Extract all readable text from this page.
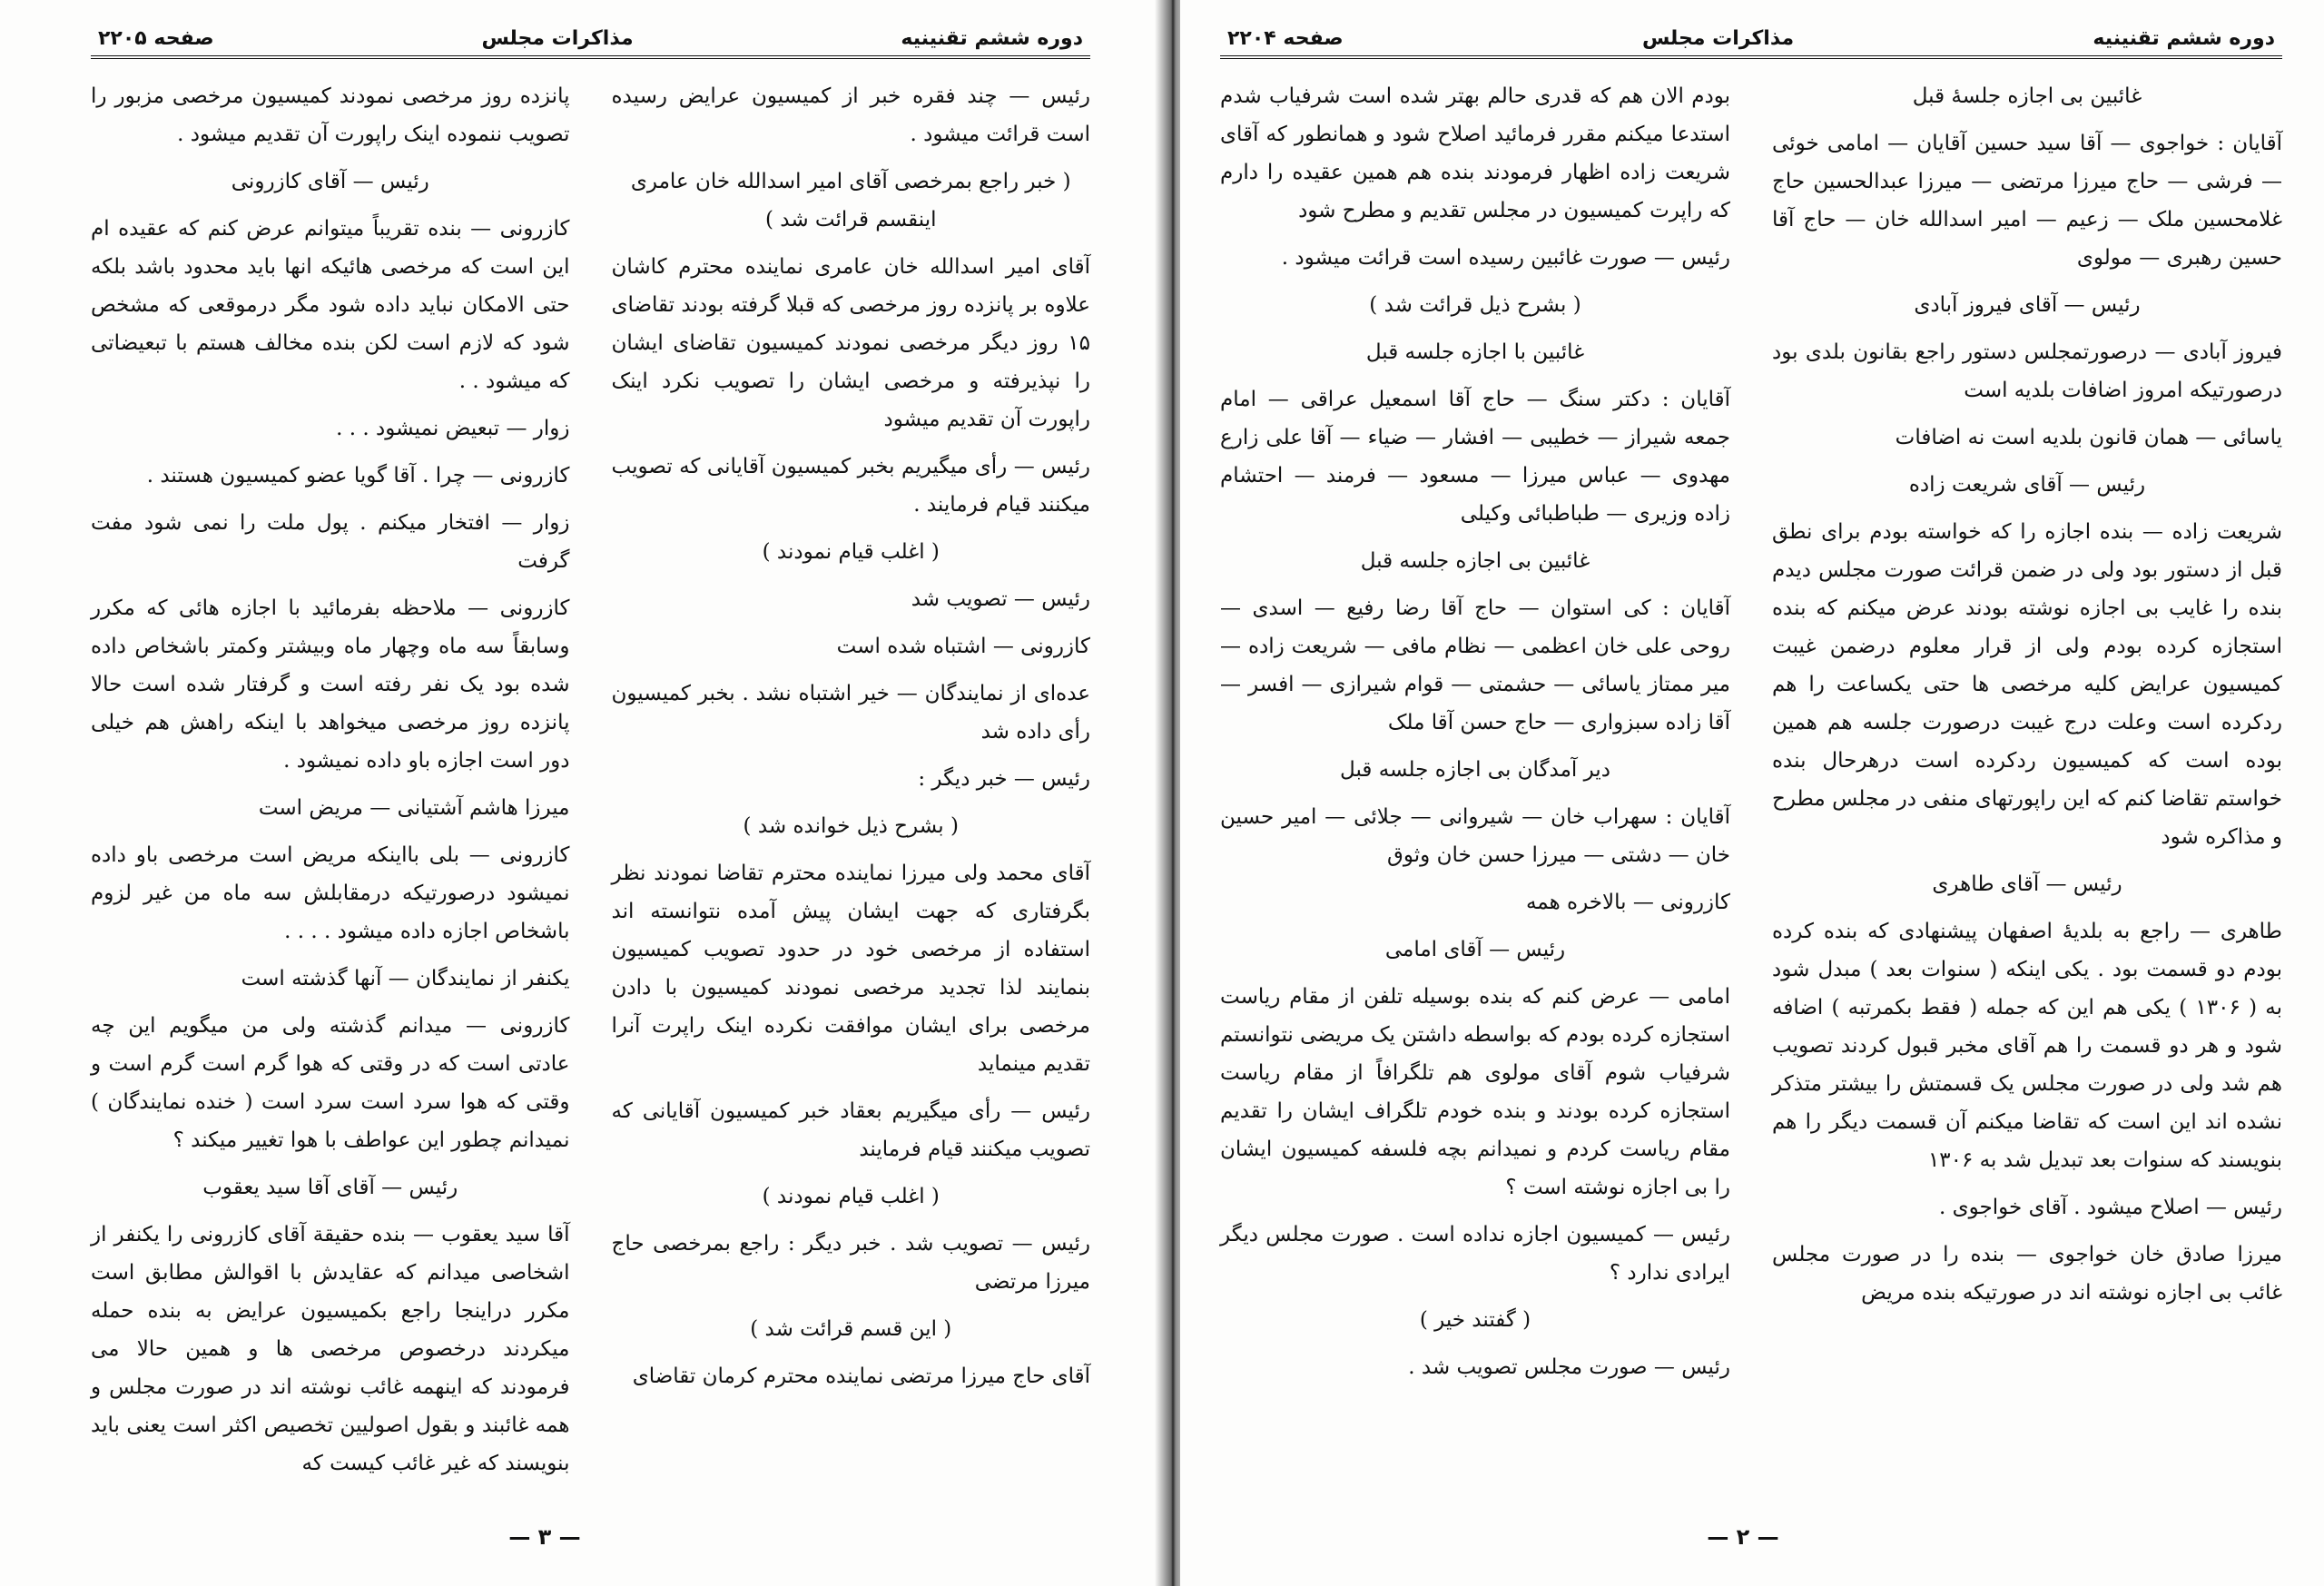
دوره ششم تقنینیه
مذاکرات مجلس
صفحه ۲۲۰۵

رئیس — چند فقره خبر از کمیسیون عرایض رسیده است قرائت میشود .

( خبر راجع بمرخصی آقای امیر اسدالله خان عامری اینقسم قرائت شد )

آقای امیر اسدالله خان عامری نماینده محترم کاشان علاوه بر پانزده روز مرخصی که قبلا گرفته بودند تقاضای ۱۵ روز دیگر مرخصی نمودند کمیسیون تقاضای ایشان را نپذیرفته و مرخصی ایشان را تصویب نکرد اینک راپورت آن تقدیم میشود

رئیس — رأی میگیریم بخبر کمیسیون آقایانی که تصویب میکنند قیام فرمایند .

( اغلب قیام نمودند )

رئیس — تصویب شد

کازرونی — اشتباه شده است

عده‌ای از نمایندگان — خیر اشتباه نشد . بخبر کمیسیون رأی داده شد

رئیس — خبر دیگر :

( بشرح ذیل خوانده شد )

آقای محمد ولی میرزا نماینده محترم تقاضا نمودند نظر بگرفتاری که جهت ایشان پیش آمده نتوانسته اند استفاده از مرخصی خود در حدود تصویب کمیسیون بنمایند لذا تجدید مرخصی نمودند کمیسیون با دادن مرخصی برای ایشان موافقت نکرده اینک راپرت آنرا تقدیم مینماید

رئیس — رأی میگیریم بعقاد خبر کمیسیون آقایانی که تصویب میکنند قیام فرمایند

( اغلب قیام نمودند )

رئیس — تصویب شد . خبر دیگر : راجع بمرخصی حاج میرزا مرتضی

( این قسم قرائت شد )

آقای حاج میرزا مرتضی نماینده محترم کرمان تقاضای

پانزده روز مرخصی نمودند کمیسیون مرخصی مزبور را تصویب ننموده اینک راپورت آن تقدیم میشود .

رئیس — آقای کازرونی

کازرونی — بنده تقریباً میتوانم عرض کنم که عقیده ام این است که مرخصی هائیکه انها باید محدود باشد بلکه حتی الامکان نباید داده شود مگر درموقعی که مشخص شود که لازم است لکن بنده مخالف هستم با تبعیضاتی که میشود . .

زوار — تبعیض نمیشود . . .

کازرونی — چرا . آقا گویا عضو کمیسیون هستند .

زوار — افتخار میکنم . پول ملت را نمی شود مفت گرفت

کازرونی — ملاحظه بفرمائید با اجازه هائی که مکرر وسابقاً سه ماه وچهار ماه وبیشتر وکمتر باشخاص داده شده بود یک نفر رفته است و گرفتار شده است حالا پانزده روز مرخصی میخواهد با اینکه راهش هم خیلی دور است اجازه باو داده نمیشود .

میرزا هاشم آشتیانی — مریض است

کازرونی — بلی بااینکه مریض است مرخصی باو داده نمیشود درصورتیکه درمقابلش سه ماه من غیر لزوم باشخاص اجازه داده میشود . . . .

یکنفر از نمایندگان — آنها گذشته است

کازرونی — میدانم گذشته ولی من میگویم این چه عادتی است که در وقتی که هوا گرم است گرم است و وقتی که هوا سرد است سرد است ( خنده نمایندگان ) نمیدانم چطور این عواطف با هوا تغییر میکند ؟

رئیس — آقای آقا سید یعقوب

آقا سید یعقوب — بنده حقیقة آقای کازرونی را یکنفر از اشخاصی میدانم که عقایدش با اقوالش مطابق است مکرر دراینجا راجع بکمیسیون عرایض به بنده حمله میکردند درخصوص مرخصی ها و همین حالا می فرمودند که اینهمه غائب نوشته اند در صورت مجلس و همه غائبند و بقول اصولیین تخصیص اکثر است یعنی باید بنویسند که غیر غائب کیست که

— ۳ —
دوره ششم تقنینیه
مذاکرات مجلس
صفحه ۲۲۰۴

غائبین بی اجازه جلسهٔ قبل

آقایان : خواجوی — آقا سید حسین آقایان — امامی خوئی — فرشی — حاج میرزا مرتضی — میرزا عبدالحسین حاج غلامحسین ملک — زعیم — امیر اسدالله خان — حاج آقا حسین رهبری — مولوی

رئیس — آقای فیروز آبادی

فیروز آبادی — درصورتمجلس دستور راجع بقانون بلدی بود درصورتیکه امروز اضافات بلدیه است

یاسائی — همان قانون بلدیه است نه اضافات

رئیس — آقای شریعت زاده

شریعت زاده — بنده اجازه را که خواسته بودم برای نطق قبل از دستور بود ولی در ضمن قرائت صورت مجلس دیدم بنده را غایب بی اجازه نوشته بودند عرض میکنم که بنده استجازه کرده بودم ولی از قرار معلوم درضمن غیبت کمیسیون عرایض کلیه مرخصی ها حتی یکساعت را هم ردکرده است وعلت درج غیبت درصورت جلسه هم همین بوده است که کمیسیون ردکرده است درهرحال بنده خواستم تقاضا کنم که این راپورتهای منفی در مجلس مطرح و مذاکره شود

رئیس — آقای طاهری

طاهری — راجع به بلدیهٔ اصفهان پیشنهادی که بنده کرده بودم دو قسمت بود . یکی اینکه ( سنوات بعد ) مبدل شود به ( ۱۳۰۶ ) یکی هم این که جمله ( فقط بکمرتبه ) اضافه شود و هر دو قسمت را هم آقای مخبر قبول کردند تصویب هم شد ولی در صورت مجلس یک قسمتش را بیشتر متذکر نشده اند این است که تقاضا میکنم آن قسمت دیگر را هم بنویسند که سنوات بعد تبدیل شد به ۱۳۰۶

رئیس — اصلاح میشود . آقای خواجوی .

میرزا صادق خان خواجوی — بنده را در صورت مجلس غائب بی اجازه نوشته اند در صورتیکه بنده مریض

بودم الان هم که قدری حالم بهتر شده است شرفیاب شدم استدعا میکنم مقرر فرمائید اصلاح شود و همانطور که آقای شریعت زاده اظهار فرمودند بنده هم همین عقیده را دارم که راپرت کمیسیون در مجلس تقدیم و مطرح شود

رئیس — صورت غائبین رسیده است قرائت میشود .

( بشرح ذیل قرائت شد )

غائبین با اجازه جلسه قبل

آقایان : دکتر سنگ — حاج آقا اسمعیل عراقی — امام جمعه شیراز — خطیبی — افشار — ضیاء — آقا علی زارع مهدوی — عباس میرزا — مسعود — فرمند — احتشام زاده وزیری — طباطبائی وکیلی

غائبین بی اجازه جلسه قبل

آقایان : کی استوان — حاج آقا رضا رفیع — اسدی — روحی علی خان اعظمی — نظام مافی — شریعت زاده — میر ممتاز یاسائی — حشمتی — قوام شیرازی — افسر — آقا زاده سبزواری — حاج حسن آقا ملک

دیر آمدگان بی اجازه جلسه قبل

آقایان : سهراب خان — شیروانی — جلائی — امیر حسین خان — دشتی — میرزا حسن خان وثوق

کازرونی — بالاخره همه

رئیس — آقای امامی

امامی — عرض کنم که بنده بوسیله تلفن از مقام ریاست استجازه کرده بودم که بواسطه داشتن یک مریضی نتوانستم شرفیاب شوم آقای مولوی هم تلگرافاً از مقام ریاست استجازه کرده بودند و بنده خودم تلگراف ایشان را تقدیم مقام ریاست کردم و نمیدانم بچه فلسفه کمیسیون ایشان را بی اجازه نوشته است ؟

رئیس — کمیسیون اجازه نداده است . صورت مجلس دیگر ایرادی ندارد ؟

( گفتند خیر )

رئیس — صورت مجلس تصویب شد .

— ۲ —
